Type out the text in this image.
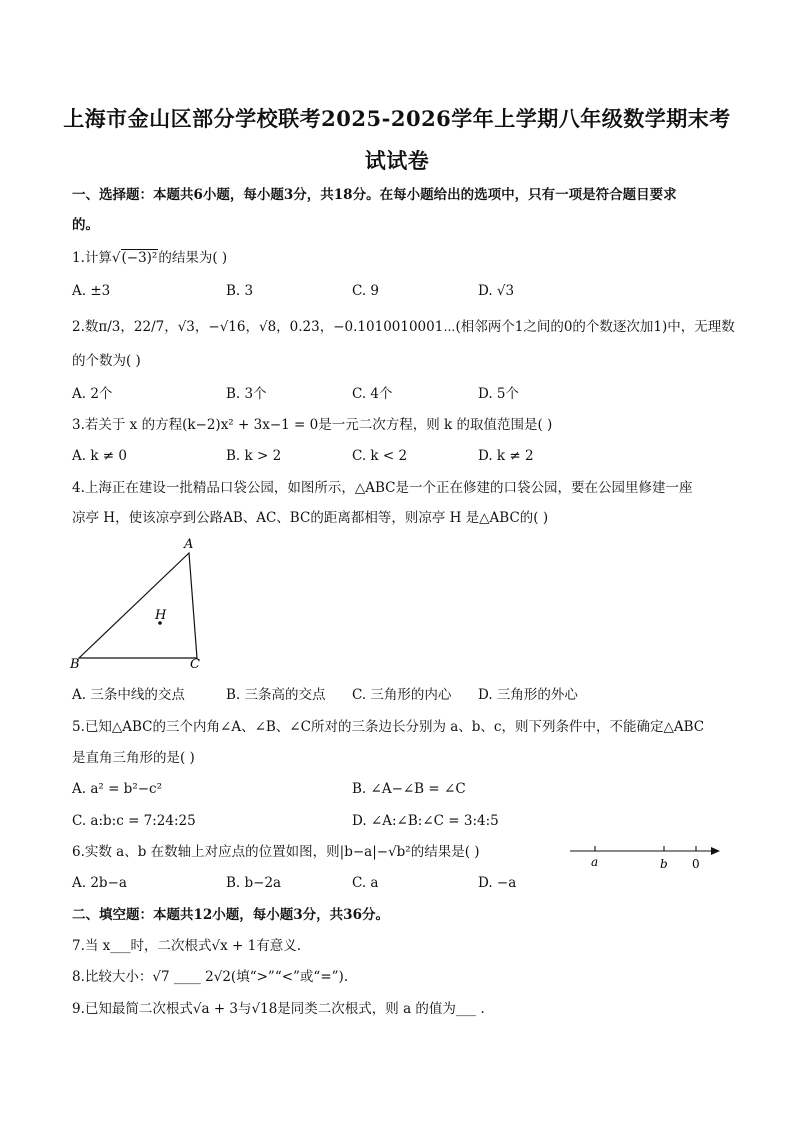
上海市金山区部分学校联考2025-2026学年上学期八年级数学期末考
试试卷
一、选择题：本题共6小题，每小题3分，共18分。在每小题给出的选项中，只有一项是符合题目要求
的。
1.计算√(−3)²的结果为( )
A. ±3	B. 3	C. 9	D. √3
2.数π/3，22/7，√3，−√16，√8，0.2̇3̇，−0.1010010001⋯(相邻两个1之间的0的个数逐次加1)中，无理数
的个数为( )
A. 2个	B. 3个	C. 4个	D. 5个
3.若关于 x 的方程(k−2)x² + 3x−1 = 0是一元二次方程，则 k 的取值范围是( )
A. k ≠ 0	B. k > 2	C. k < 2	D. k ≠ 2
4.上海正在建设一批精品口袋公园，如图所示，△ABC是一个正在修建的口袋公园，要在公园里修建一座
凉亭 H，使该凉亭到公路AB、AC、BC的距离都相等，则凉亭 H 是△ABC的( )
A
B	C
H
A. 三条中线的交点	B. 三条高的交点 C. 三角形的内心 D. 三角形的外心
5.已知△ABC的三个内角∠A、∠B、∠C所对的三条边长分别为 a、b、c，则下列条件中，不能确定△ABC
是直角三角形的是( )
A. a² = b²−c²	B. ∠A−∠B = ∠C
C. a:b:c = 7:24:25	D. ∠A:∠B:∠C = 3:4:5
6.实数 a、b 在数轴上对应点的位置如图，则|b−a|−√b²的结果是( )
a	b 0
A. 2b−a	B. b−2a	C. a	D. −a
二、填空题：本题共12小题，每小题3分，共36分。
7.当 x___时，二次根式√x + 1有意义.
8.比较大小：√7 ____ 2√2(填“>”“<”或“=”).
9.已知最简二次根式√a + 3与√18是同类二次根式，则 a 的值为___ .
